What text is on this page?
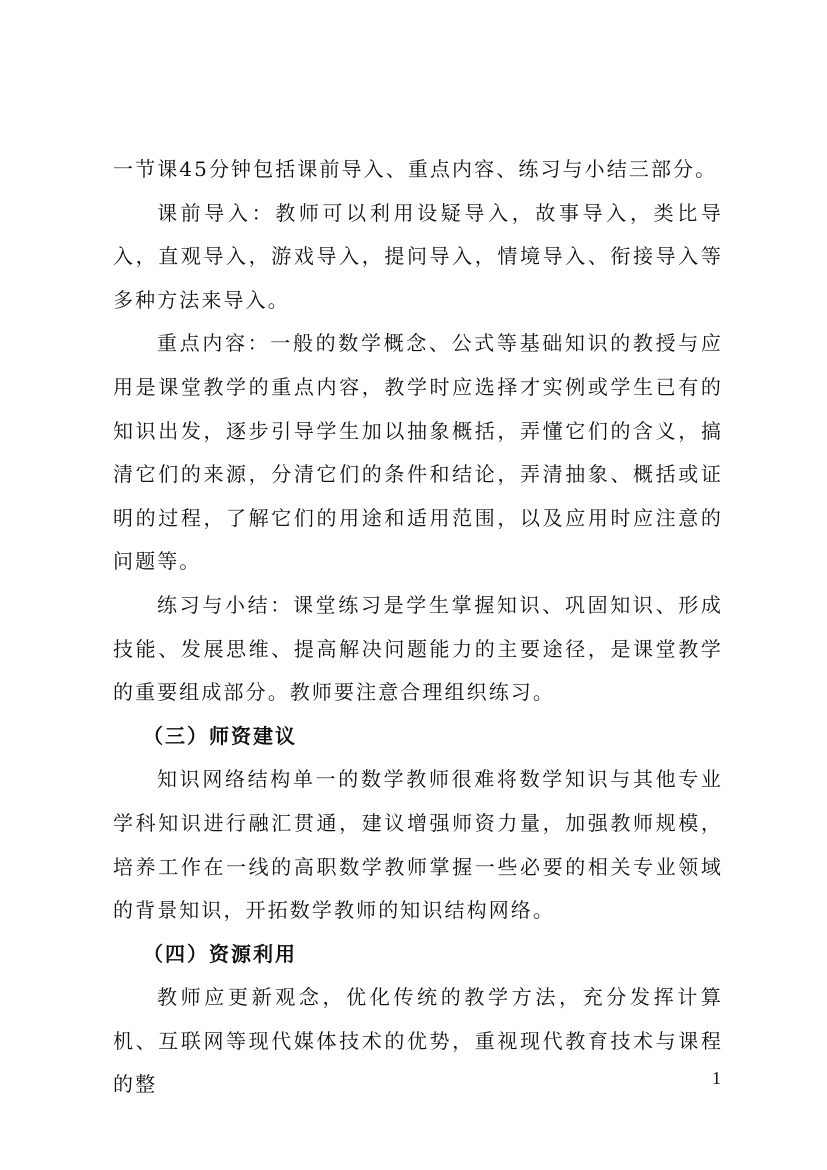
一节课45分钟包括课前导入、重点内容、练习与小结三部分。

课前导入：教师可以利用设疑导入，故事导入，类比导入，直观导入，游戏导入，提问导入，情境导入、衔接导入等多种方法来导入。

重点内容：一般的数学概念、公式等基础知识的教授与应用是课堂教学的重点内容，教学时应选择才实例或学生已有的知识出发，逐步引导学生加以抽象概括，弄懂它们的含义，搞清它们的来源，分清它们的条件和结论，弄清抽象、概括或证明的过程，了解它们的用途和适用范围，以及应用时应注意的问题等。

练习与小结：课堂练习是学生掌握知识、巩固知识、形成技能、发展思维、提高解决问题能力的主要途径，是课堂教学的重要组成部分。教师要注意合理组织练习。

（三）师资建议

知识网络结构单一的数学教师很难将数学知识与其他专业学科知识进行融汇贯通，建议增强师资力量，加强教师规模，培养工作在一线的高职数学教师掌握一些必要的相关专业领域的背景知识，开拓数学教师的知识结构网络。

（四）资源利用

教师应更新观念，优化传统的教学方法，充分发挥计算机、互联网等现代媒体技术的优势，重视现代教育技术与课程的整	1
